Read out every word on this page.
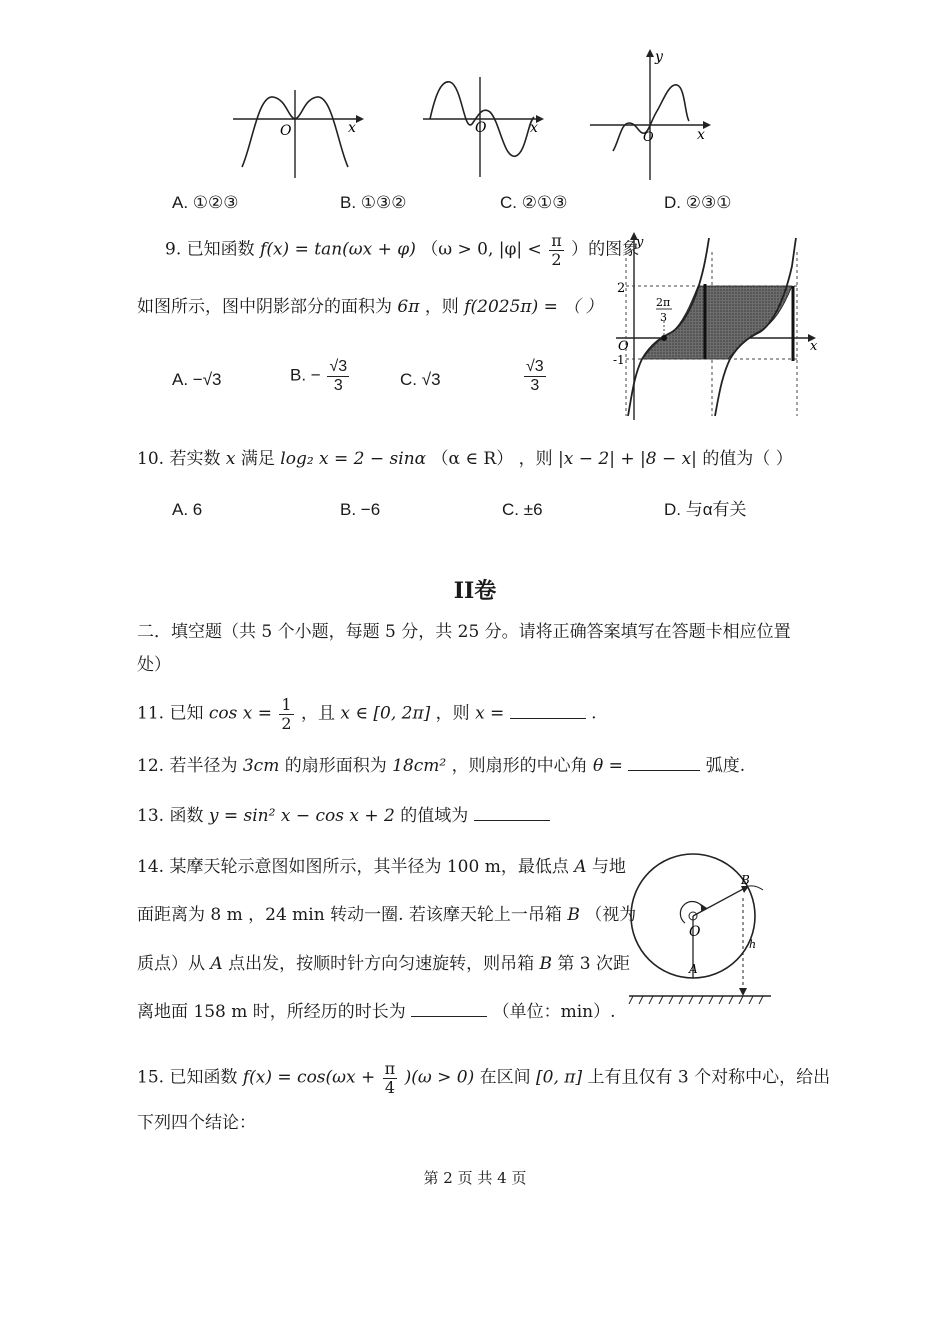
O	x	O	x
y
O	x
A. ①②③	B. ①③②	C. ②①③	D. ②③①
9. 已知函数 f(x) = tan(ωx + φ) （ω > 0, $|\varphi| < \frac{\pi}{2}$ ）的图象
如图所示，图中阴影部分的面积为 6π ，则 f(2025π) = （ ）
y
2
-1
O
2π
3
x
A. −√3	B. − $\frac{√3}{3}$	C. √3	$\frac{√3}{3}$
10. 若实数 x 满足 log₂ x = 2 − sinα （α ∈ R） ，则 |x − 2| + |8 − x| 的值为（ ）
A. 6	B. −6	C. ±6	D. 与α有关
II卷
二．填空题（共 5 个小题，每题 5 分，共 25 分。请将正确答案填写在答题卡相应位置
处）
11. 已知 $\cos x = \frac{1}{2}$ ，且 x ∈ [0, 2π] ，则 x =	.
12. 若半径为 3cm 的扇形面积为 18cm² ，则扇形的中心角 θ =	弧度.
13. 函数 y = sin² x − cos x + 2 的值域为
14. 某摩天轮示意图如图所示，其半径为 100 m，最低点 A 与地
面距离为 8 m ，24 min 转动一圈. 若该摩天轮上一吊箱 B （视为
质点）从 A 点出发，按顺时针方向匀速旋转，则吊箱 B 第 3 次距
离地面 158 m 时，所经历的时长为	（单位：min）.
O
A
B
h
15. 已知函数 $f(x) = \cos(\omega x + \frac{\pi}{4} )(\omega > 0)$ 在区间 [0, π] 上有且仅有 3 个对称中心，给出
下列四个结论：
第 2 页 共 4 页
